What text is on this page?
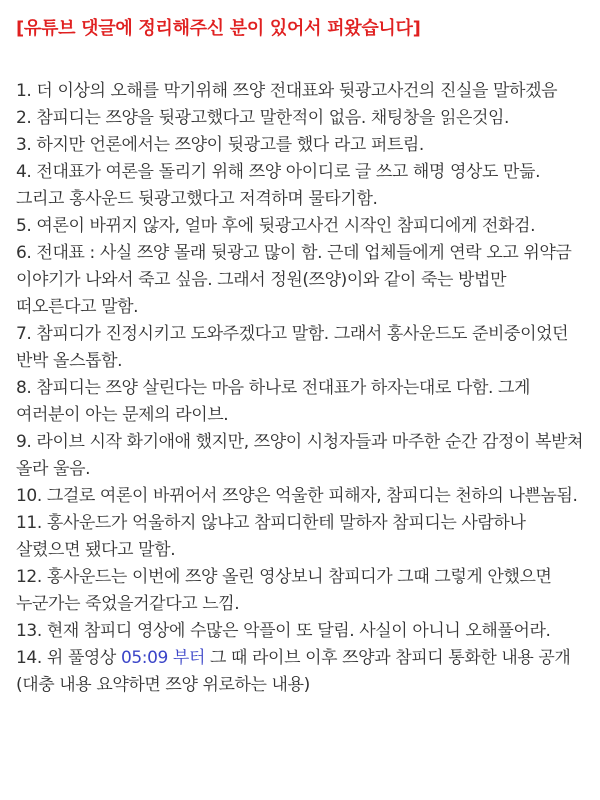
[유튜브 댓글에 정리해주신 분이 있어서 퍼왔습니다]
1. 더 이상의 오해를 막기위해 쯔양 전대표와 뒷광고사건의 진실을 말하겠음
2. 참피디는 쯔양을 뒷광고했다고 말한적이 없음. 채팅창을 읽은것임.
3. 하지만 언론에서는 쯔양이 뒷광고를 했다 라고 퍼트림.
4. 전대표가 여론을 돌리기 위해 쯔양 아이디로 글 쓰고 해명 영상도 만듦. 그리고 홍사운드 뒷광고했다고 저격하며 물타기함.
5. 여론이 바뀌지 않자, 얼마 후에 뒷광고사건 시작인 참피디에게 전화검.
6. 전대표 : 사실 쯔양 몰래 뒷광고 많이 함. 근데 업체들에게 연락 오고 위약금 이야기가 나와서 죽고 싶음. 그래서 정원(쯔양)이와 같이 죽는 방법만 떠오른다고 말함.
7. 참피디가 진정시키고 도와주겠다고 말함. 그래서 홍사운드도 준비중이었던 반박 올스톱함.
8. 참피디는 쯔양 살린다는 마음 하나로 전대표가 하자는대로 다함. 그게 여러분이 아는 문제의 라이브.
9. 라이브 시작 화기애애 했지만, 쯔양이 시청자들과 마주한 순간 감정이 복받쳐 올라 울음.
10. 그걸로 여론이 바뀌어서 쯔양은 억울한 피해자, 참피디는 천하의 나쁜놈됨.
11. 홍사운드가 억울하지 않냐고 참피디한테 말하자 참피디는 사람하나 살렸으면 됐다고 말함.
12. 홍사운드는 이번에 쯔양 올린 영상보니 참피디가 그때 그렇게 안했으면 누군가는 죽었을거같다고 느낌.
13. 현재 참피디 영상에 수많은 악플이 또 달림. 사실이 아니니 오해풀어라.
14. 위 풀영상 05:09 부터 그 때 라이브 이후 쯔양과 참피디 통화한 내용 공개 (대충 내용 요약하면 쯔양 위로하는 내용)
